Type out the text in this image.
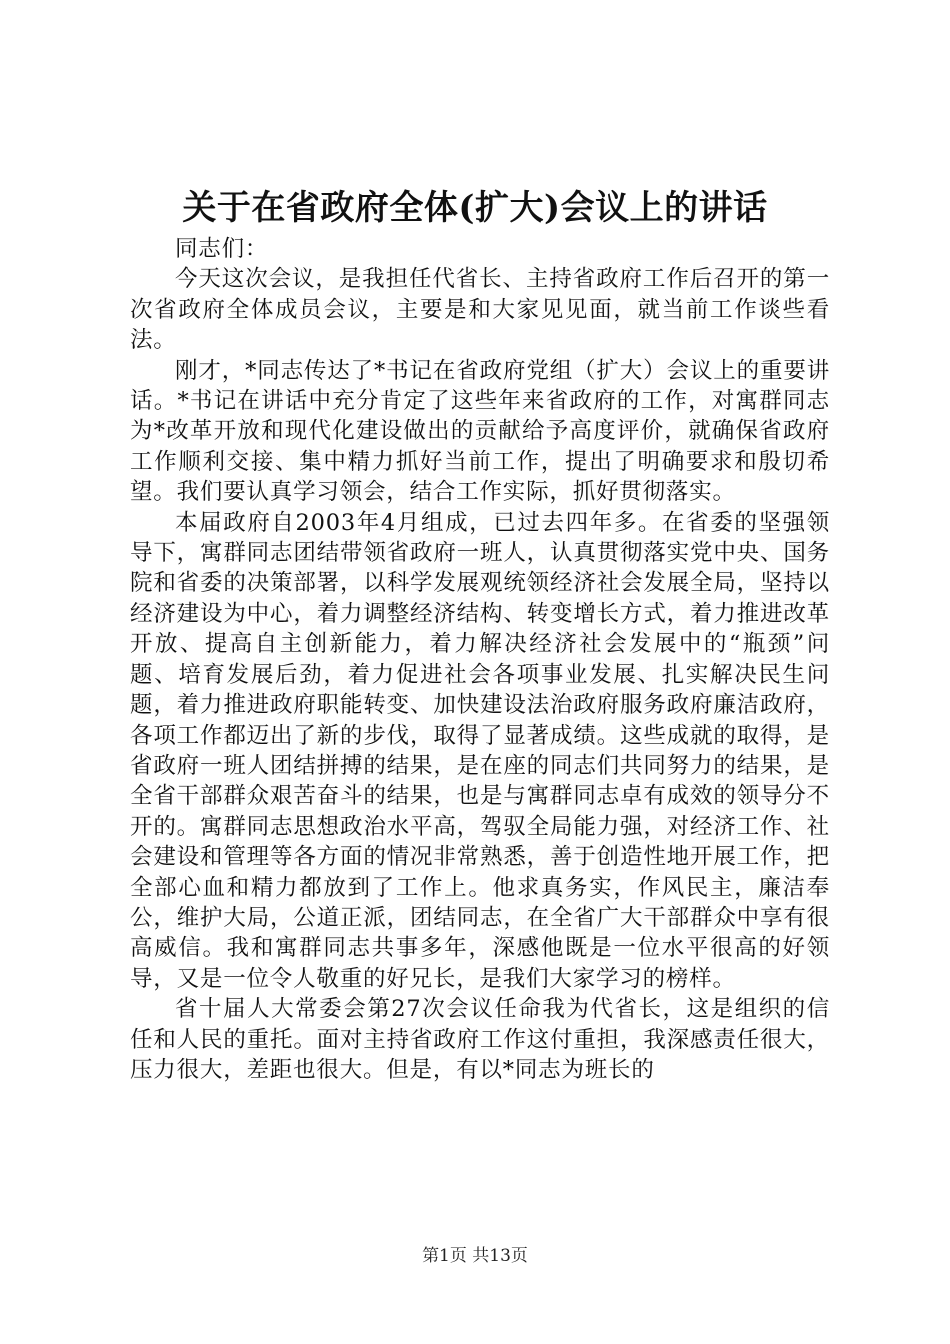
关于在省政府全体(扩大)会议上的讲话

同志们：

今天这次会议，是我担任代省长、主持省政府工作后召开的第一次省政府全体成员会议，主要是和大家见见面，就当前工作谈些看法。

刚才，*同志传达了*书记在省政府党组（扩大）会议上的重要讲话。*书记在讲话中充分肯定了这些年来省政府的工作，对寓群同志为*改革开放和现代化建设做出的贡献给予高度评价，就确保省政府工作顺利交接、集中精力抓好当前工作，提出了明确要求和殷切希望。我们要认真学习领会，结合工作实际，抓好贯彻落实。

本届政府自2003年4月组成，已过去四年多。在省委的坚强领导下，寓群同志团结带领省政府一班人，认真贯彻落实党中央、国务院和省委的决策部署，以科学发展观统领经济社会发展全局，坚持以经济建设为中心，着力调整经济结构、转变增长方式，着力推进改革开放、提高自主创新能力，着力解决经济社会发展中的“瓶颈”问题、培育发展后劲，着力促进社会各项事业发展、扎实解决民生问题，着力推进政府职能转变、加快建设法治政府服务政府廉洁政府，各项工作都迈出了新的步伐，取得了显著成绩。这些成就的取得，是省政府一班人团结拼搏的结果，是在座的同志们共同努力的结果，是全省干部群众艰苦奋斗的结果，也是与寓群同志卓有成效的领导分不开的。寓群同志思想政治水平高，驾驭全局能力强，对经济工作、社会建设和管理等各方面的情况非常熟悉，善于创造性地开展工作，把全部心血和精力都放到了工作上。他求真务实，作风民主，廉洁奉公，维护大局，公道正派，团结同志，在全省广大干部群众中享有很高威信。我和寓群同志共事多年，深感他既是一位水平很高的好领导，又是一位令人敬重的好兄长，是我们大家学习的榜样。

省十届人大常委会第27次会议任命我为代省长，这是组织的信任和人民的重托。面对主持省政府工作这付重担，我深感责任很大，压力很大，差距也很大。但是，有以*同志为班长的

第1页 共13页
